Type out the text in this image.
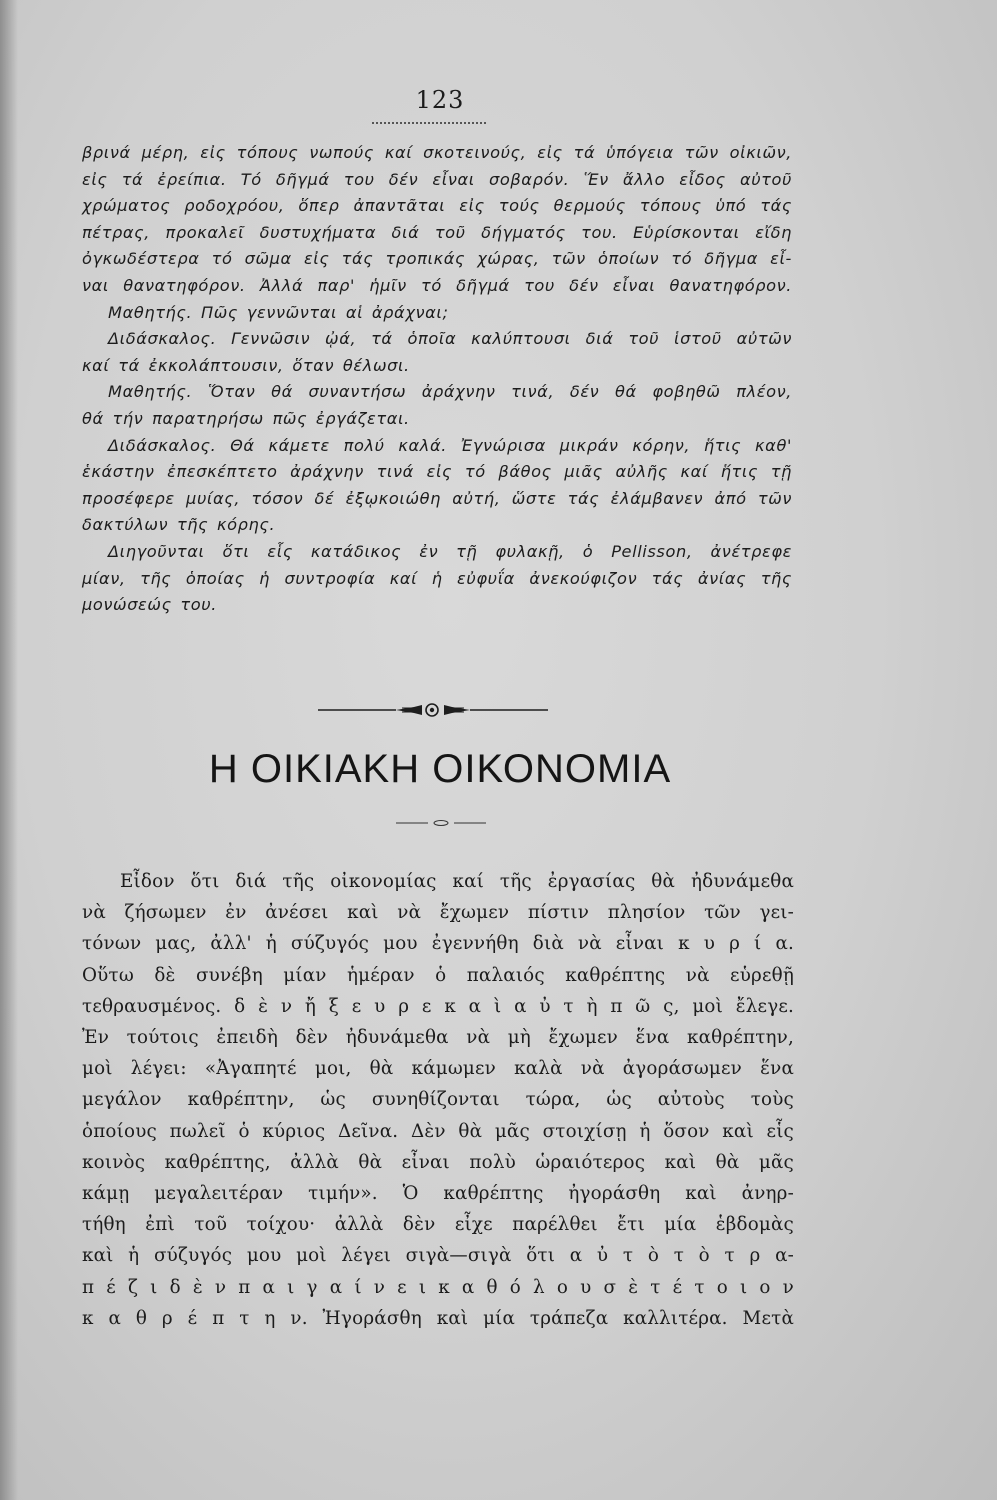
123

βρινά μέρη, εἰς τόπους νωπούς καί σκοτεινούς, εἰς τά ὑπόγεια τῶν οἰκιῶν,

εἰς τά ἐρείπια. Τό δῆγμά του δέν εἶναι σοβαρόν. Ἕν ἄλλο εἶδος αὐτοῦ

χρώματος ροδοχρόου, ὅπερ ἀπαντᾶται εἰς τούς θερμούς τόπους ὑπό τάς

πέτρας, προκαλεῖ δυστυχήματα διά τοῦ δήγματός του. Εὑρίσκονται εἴδη

ὀγκωδέστερα τό σῶμα εἰς τάς τροπικάς χώρας, τῶν ὁποίων τό δῆγμα εἶ-

ναι θανατηφόρον. Ἀλλά παρ' ἡμῖν τό δῆγμά του δέν εἶναι θανατηφόρον.

Μαθητής. Πῶς γεννῶνται αἱ ἀράχναι;

Διδάσκαλος. Γεννῶσιν ᾠά, τά ὁποῖα καλύπτουσι διά τοῦ ἱστοῦ αὐτῶν

καί τά ἐκκολάπτουσιν, ὅταν θέλωσι.

Μαθητής. Ὅταν θά συναντήσω ἀράχνην τινά, δέν θά φοβηθῶ πλέον,

θά τήν παρατηρήσω πῶς ἐργάζεται.

Διδάσκαλος. Θά κάμετε πολύ καλά. Ἐγνώρισα μικράν κόρην, ἥτις καθ'

ἑκάστην ἐπεσκέπτετο ἀράχνην τινά εἰς τό βάθος μιᾶς αὐλῆς καί ἥτις τῇ

προσέφερε μυίας, τόσον δέ ἐξῳκοιώθη αὐτή, ὥστε τάς ἐλάμβανεν ἀπό τῶν

δακτύλων τῆς κόρης.

Διηγοῦνται ὅτι εἷς κατάδικος ἐν τῇ φυλακῇ, ὁ Pellisson, ἀνέτρεφε

μίαν, τῆς ὁποίας ἡ συντροφία καί ἡ εὐφυΐα ἀνεκούφιζον τάς ἀνίας τῆς

μονώσεώς του.

Η ΟΙΚΙΑΚΗ ΟΙΚΟΝΟΜΙΑ

Εἶδον ὅτι διά τῆς οἰκονομίας καί τῆς ἐργασίας θὰ ἠδυνάμεθα

νὰ ζήσωμεν ἐν ἀνέσει καὶ νὰ ἔχωμεν πίστιν πλησίον τῶν γει-

τόνων μας, ἀλλ' ἡ σύζυγός μου ἐγεννήθη διὰ νὰ εἶναι κ υ ρ ί α.

Οὕτω δὲ συνέβη μίαν ἡμέραν ὁ παλαιός καθρέπτης νὰ εὑρεθῇ

τεθραυσμένος. δ ὲ ν ἤ ξ ε υ ρ ε κ α ὶ α ὐ τ ὴ π ῶ ς, μοὶ ἔλεγε.

Ἐν τούτοις ἐπειδὴ δὲν ἠδυνάμεθα νὰ μὴ ἔχωμεν ἕνα καθρέπτην,

μοὶ λέγει: «Ἀγαπητέ μοι, θὰ κάμωμεν καλὰ νὰ ἀγοράσωμεν ἕνα

μεγάλον καθρέπτην, ὡς συνηθίζονται τώρα, ὡς αὐτοὺς τοὺς

ὁποίους πωλεῖ ὁ κύριος Δεῖνα. Δὲν θὰ μᾶς στοιχίσῃ ἡ ὅσον καὶ εἷς

κοινὸς καθρέπτης, ἀλλὰ θὰ εἶναι πολὺ ὡραιότερος καὶ θὰ μᾶς

κάμῃ μεγαλειτέραν τιμήν». Ὁ καθρέπτης ἠγοράσθη καὶ ἀνηρ-

τήθη ἐπὶ τοῦ τοίχου· ἀλλὰ δὲν εἶχε παρέλθει ἔτι μία ἑβδομὰς

καὶ ἡ σύζυγός μου μοὶ λέγει σιγὰ—σιγὰ ὅτι α ὐ τ ὸ τ ὸ τ ρ α-

π έ ζ ι δ ὲ ν π α ι γ α ί ν ε ι κ α θ ό λ ο υ σ ὲ τ έ τ ο ι ο ν

κ α θ ρ έ π τ η ν. Ἠγοράσθη καὶ μία τράπεζα καλλιτέρα. Μετὰ
